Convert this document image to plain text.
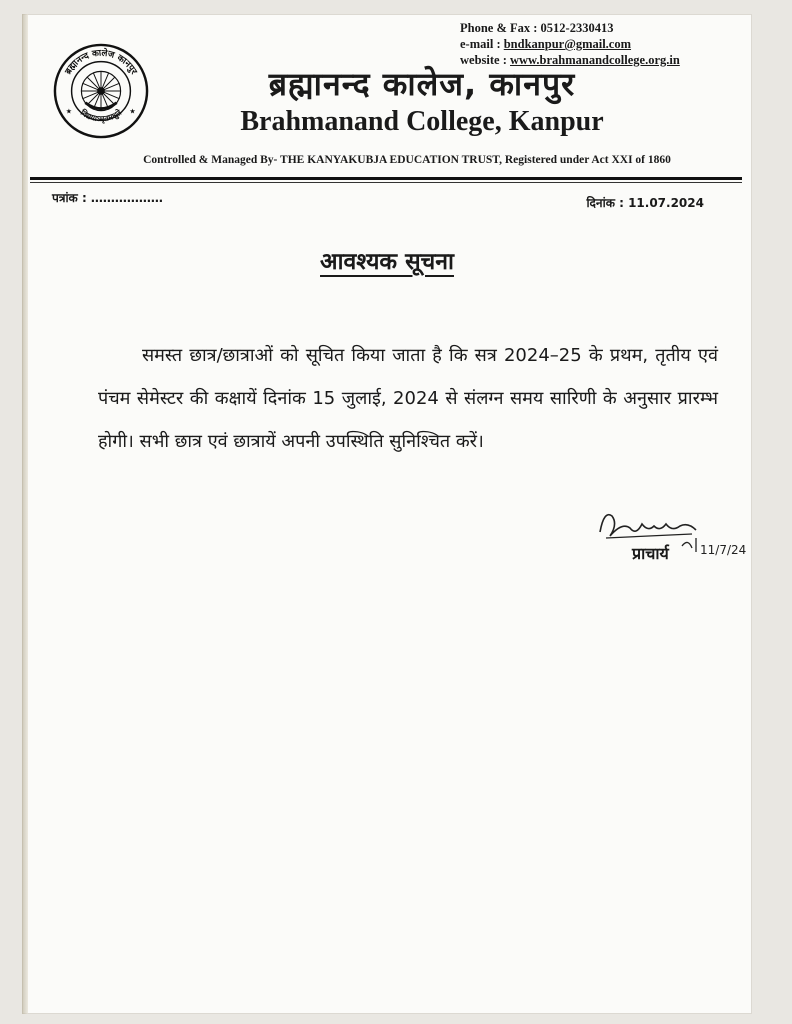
Phone & Fax : 0512-2330413
e-mail : bndkanpur@gmail.com
website : www.brahmanandcollege.org.in
ब्रह्मानन्द कालेज कानपुर
विद्ययाऽमृतमश्नुते
★	★
ब्रह्मानन्द कालेज, कानपुर
Brahmanand College, Kanpur
Controlled & Managed By- THE KANYAKUBJA EDUCATION TRUST, Registered under Act XXI of 1860
पत्रांक : ………………	दिनांक : 11.07.2024
आवश्यक सूचना

समस्त छात्र/छात्राओं को सूचित किया जाता है कि सत्र 2024–25 के प्रथम, तृतीय एवं पंचम सेमेस्टर की कक्षायें दिनांक 15 जुलाई, 2024 से संलग्न समय सारिणी के अनुसार प्रारम्भ होगी। सभी छात्र एवं छात्रायें अपनी उपस्थिति सुनिश्चित करें।

11/7/24
प्राचार्य
